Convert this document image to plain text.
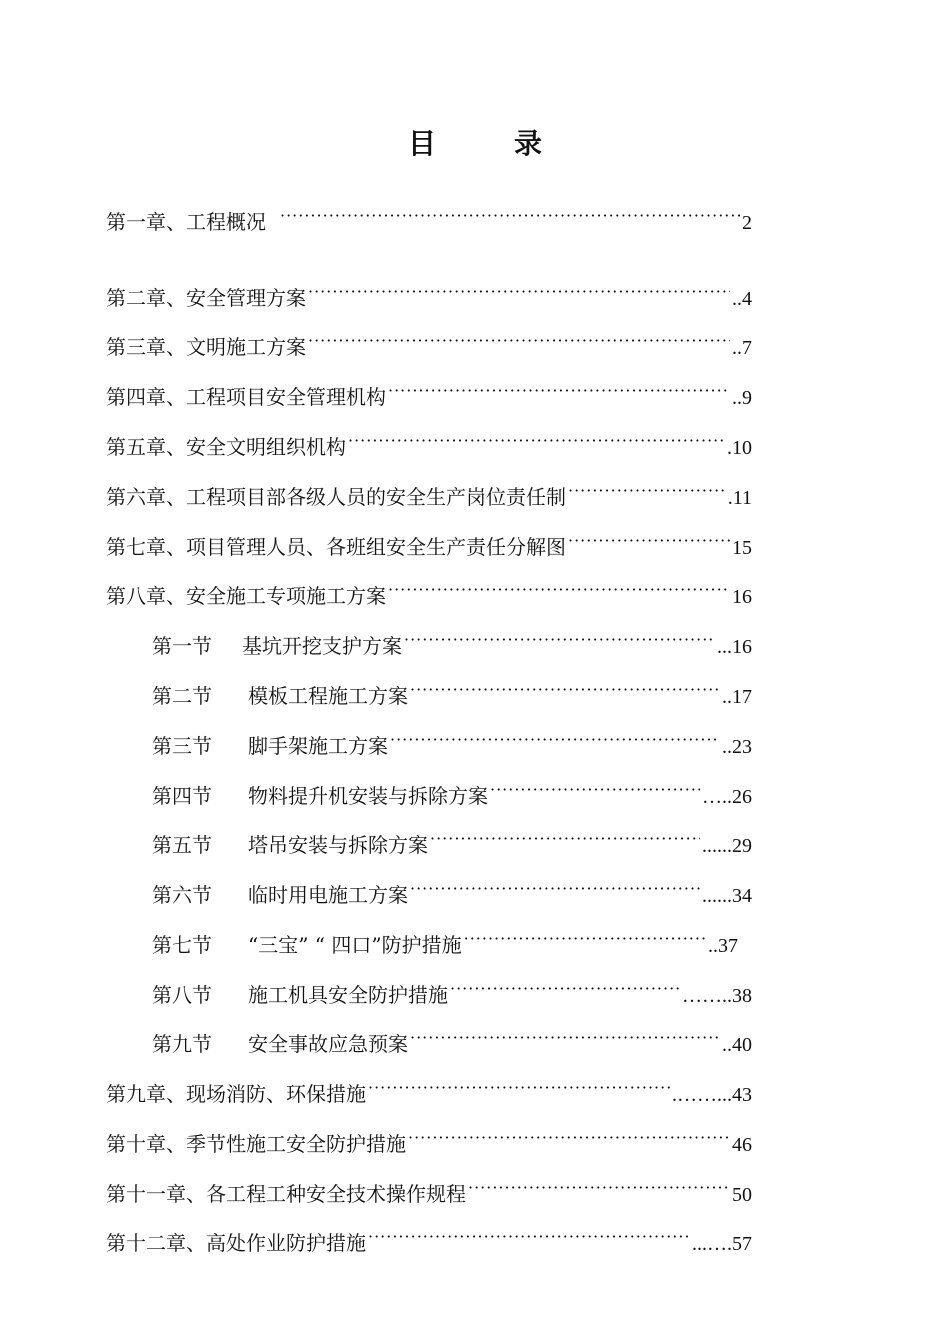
目	录
第一章、工程概况 ·····	2
第二章、安全管理方案 ·····	..4
第三章、文明施工方案 ·····	..7
第四章、工程项目安全管理机构 ·····	..9
第五章、安全文明组织机构 ·····	.10
第六章、工程项目部各级人员的安全生产岗位责任制 ·····	.11
第七章、项目管理人员、各班组安全生产责任分解图 ·····	15
第八章、安全施工专项施工方案 ·····	16
第一节 基坑开挖支护方案 ·····	...16
第二节 模板工程施工方案 ·····	..17
第三节 脚手架施工方案 ·····	..23
第四节 物料提升机安装与拆除方案 ·····	…..26
第五节 塔吊安装与拆除方案 ·····	......29
第六节 临时用电施工方案 ·····	......34
第七节 “三宝” “ 四口”防护措施 ·····	..37
第八节 施工机具安全防护措施 ·····	……..38
第九节 安全事故应急预案 ·····	..40
第九章、现场消防、环保措施 ·····	.……...43
第十章、季节性施工安全防护措施 ·····	46
第十一章、各工程工种安全技术操作规程 ·····	50
第十二章、高处作业防护措施 ·····	...….57
